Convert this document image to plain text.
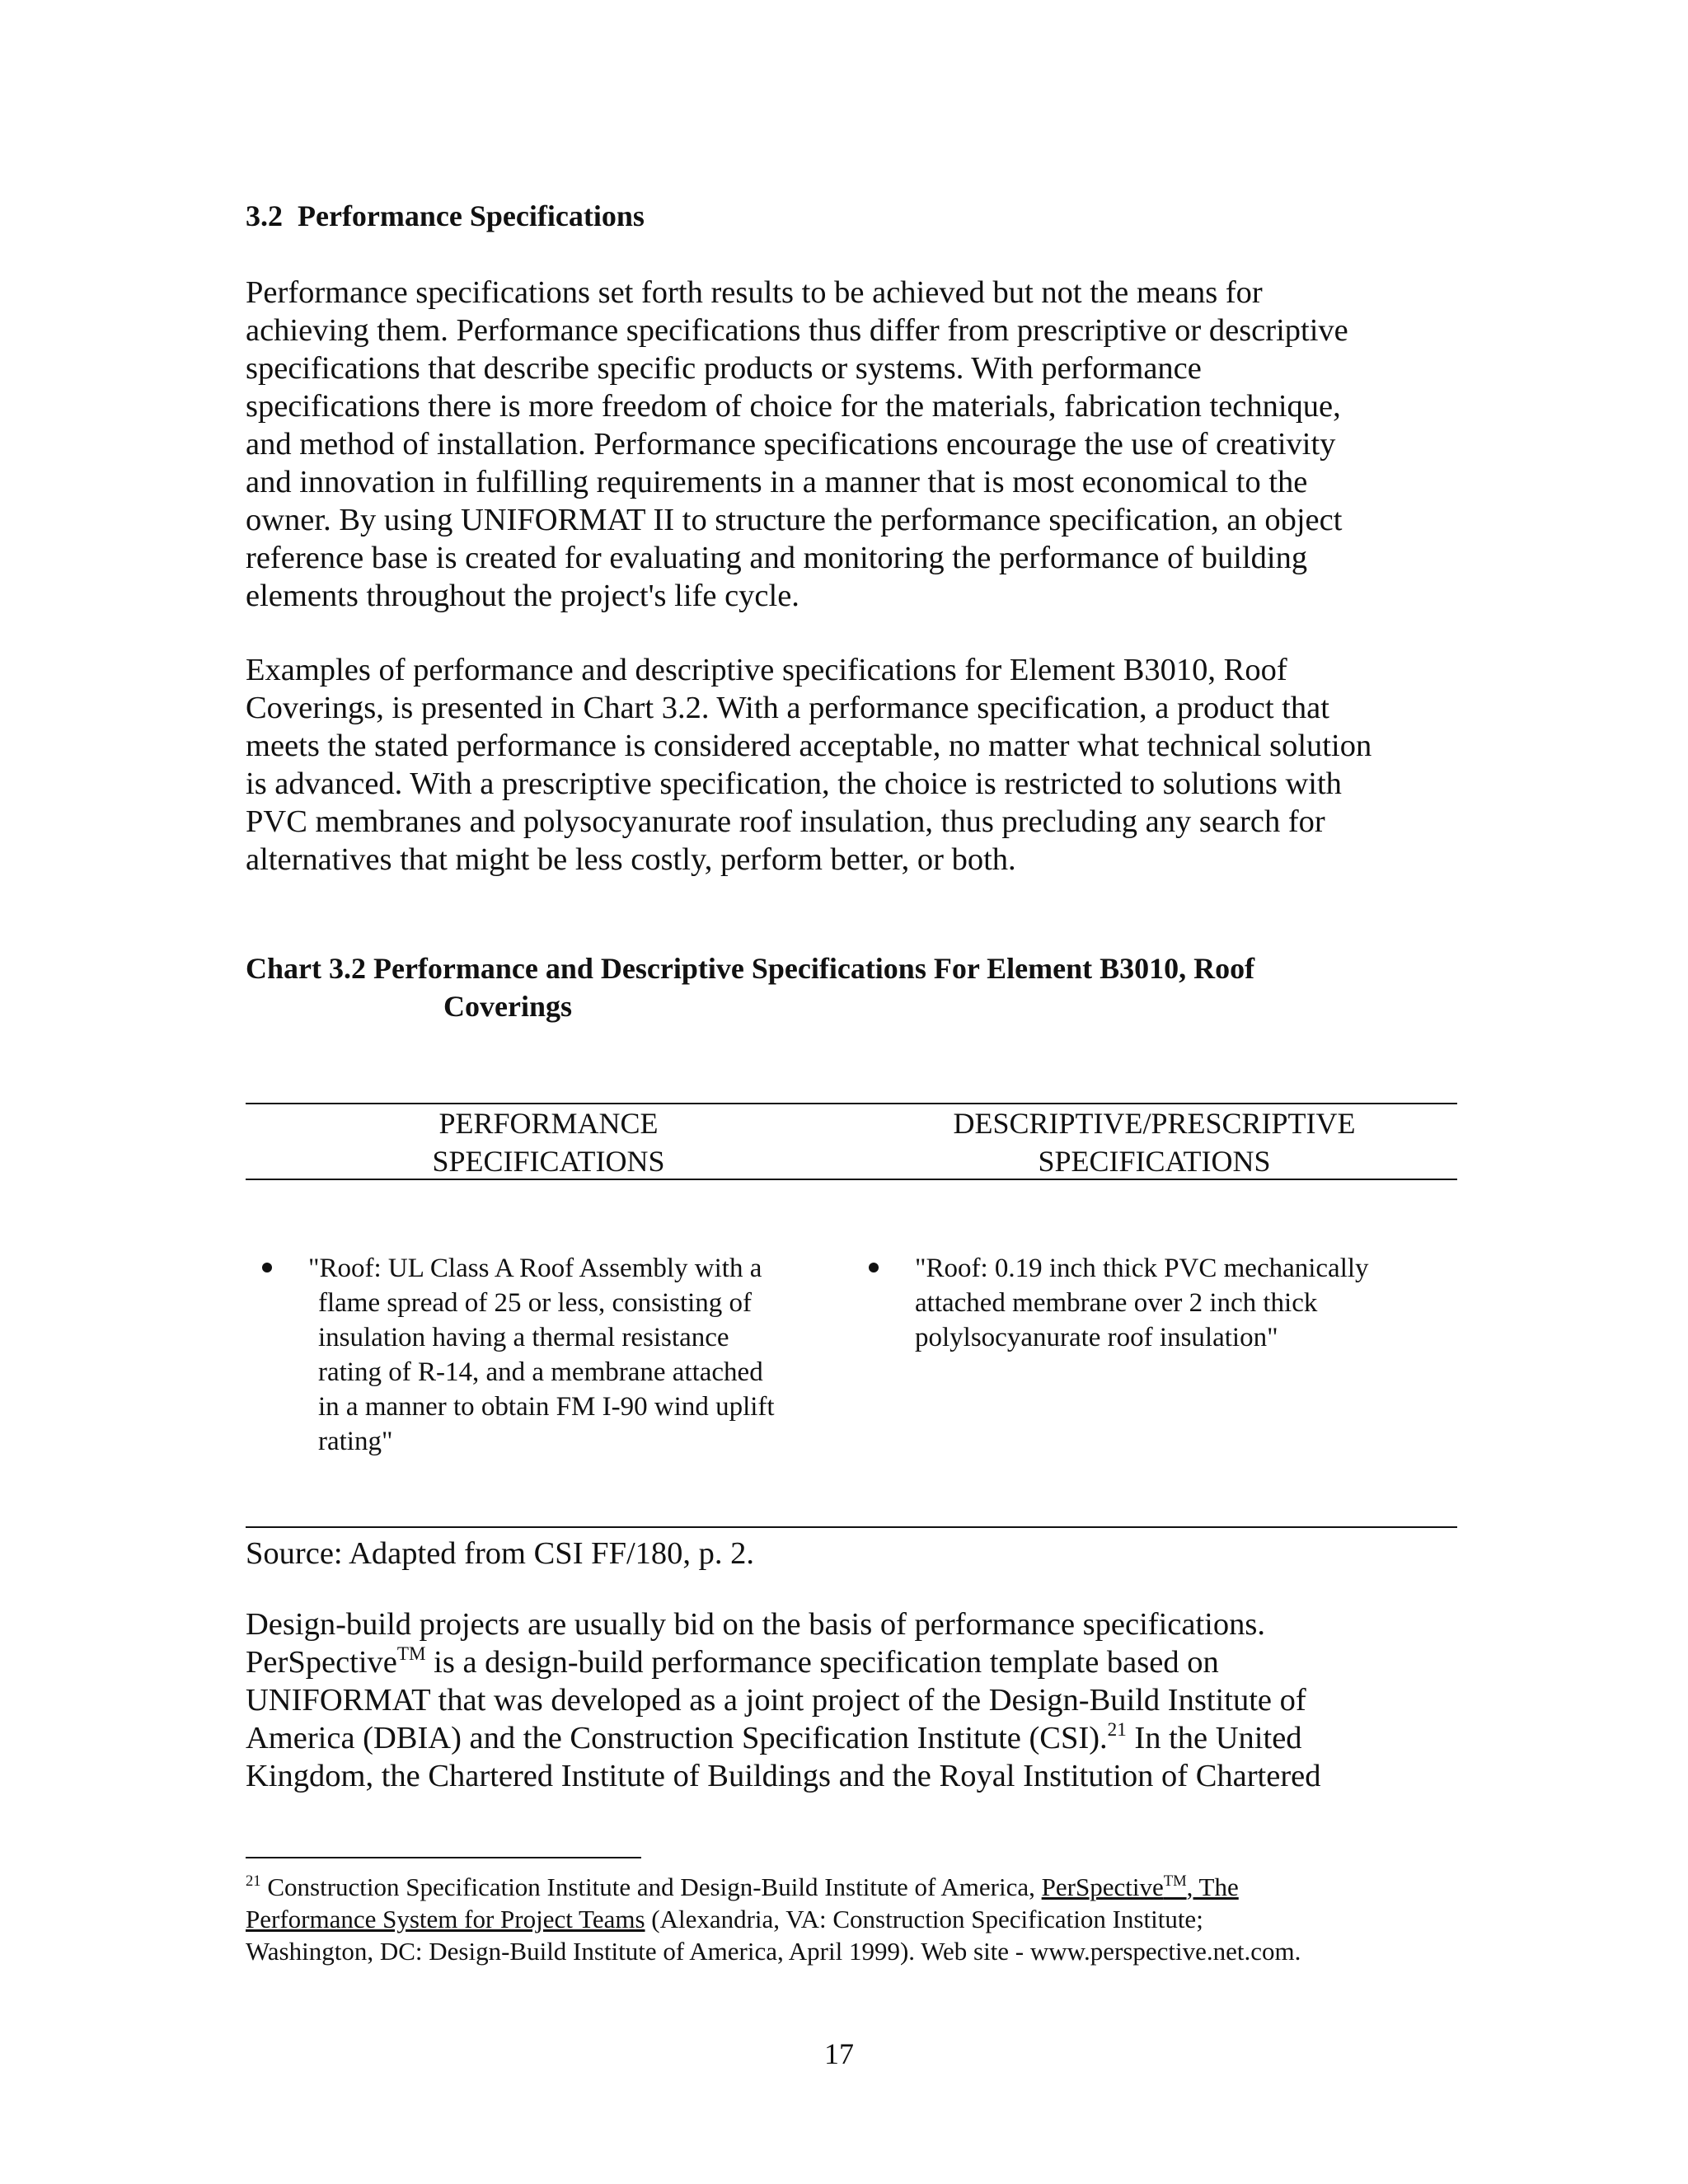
3.2 Performance Specifications
Performance specifications set forth results to be achieved but not the means for
achieving them. Performance specifications thus differ from prescriptive or descriptive
specifications that describe specific products or systems. With performance
specifications there is more freedom of choice for the materials, fabrication technique,
and method of installation. Performance specifications encourage the use of creativity
and innovation in fulfilling requirements in a manner that is most economical to the
owner. By using UNIFORMAT II to structure the performance specification, an object
reference base is created for evaluating and monitoring the performance of building
elements throughout the project's life cycle.
Examples of performance and descriptive specifications for Element B3010, Roof
Coverings, is presented in Chart 3.2. With a performance specification, a product that
meets the stated performance is considered acceptable, no matter what technical solution
is advanced. With a prescriptive specification, the choice is restricted to solutions with
PVC membranes and polysocyanurate roof insulation, thus precluding any search for
alternatives that might be less costly, perform better, or both.
Chart 3.2 Performance and Descriptive Specifications For Element B3010, Roof
Coverings
PERFORMANCE
SPECIFICATIONS
DESCRIPTIVE/PRESCRIPTIVE
SPECIFICATIONS
"Roof: UL Class A Roof Assembly with a
flame spread of 25 or less, consisting of
insulation having a thermal resistance
rating of R-14, and a membrane attached
in a manner to obtain FM I-90 wind uplift
rating"
"Roof: 0.19 inch thick PVC mechanically
attached membrane over 2 inch thick
polylsocyanurate roof insulation"
Source: Adapted from CSI FF/180, p. 2.
Design-build projects are usually bid on the basis of performance specifications.
PerSpective™ is a design-build performance specification template based on
UNIFORMAT that was developed as a joint project of the Design-Build Institute of
America (DBIA) and the Construction Specification Institute (CSI).$^{21}$ In the United
Kingdom, the Chartered Institute of Buildings and the Royal Institution of Chartered
$^{21}$ Construction Specification Institute and Design-Build Institute of America, PerSpective™, The
Performance System for Project Teams (Alexandria, VA: Construction Specification Institute;
Washington, DC: Design-Build Institute of America, April 1999). Web site - www.perspective.net.com.
17
